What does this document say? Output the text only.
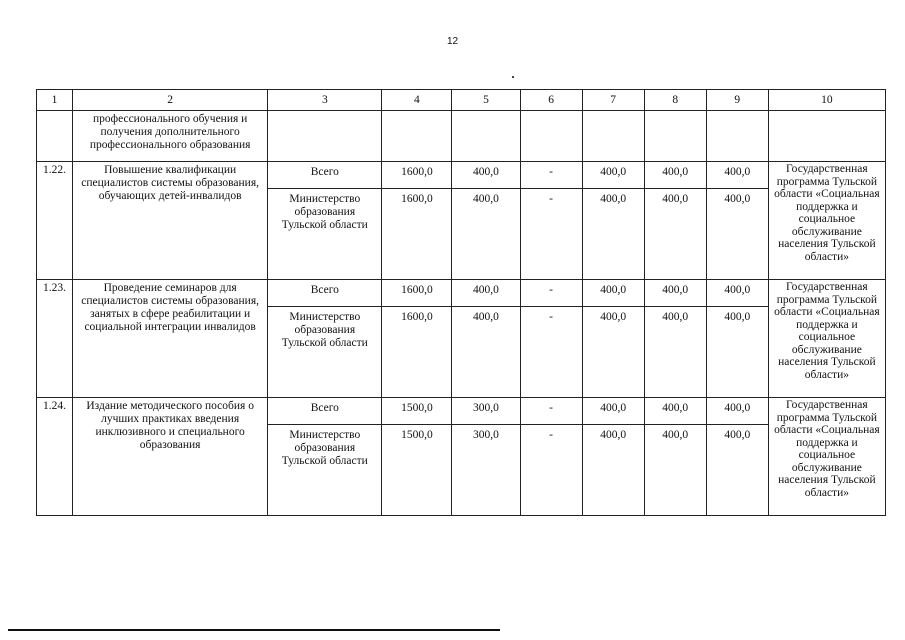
12
1	2	3	4	5	6	7	8	9	10
	профессионального обучения и получения дополнительного профессионального образования								
1.22.	Повышение квалификации специалистов системы образования, обучающих детей-инвалидов	Всего	1600,0	400,0	-	400,0	400,0	400,0	Государственная программа Тульской области «Социальная поддержка и социальное обслуживание населения Тульской области»
		Министерство образования Тульской области	1600,0	400,0	-	400,0	400,0	400,0	
1.23.	Проведение семинаров для специалистов системы образования, занятых в сфере реабилитации и социальной интеграции инвалидов	Всего	1600,0	400,0	-	400,0	400,0	400,0	Государственная программа Тульской области «Социальная поддержка и социальное обслуживание населения Тульской области»
		Министерство образования Тульской области	1600,0	400,0	-	400,0	400,0	400,0	
1.24.	Издание методического пособия о лучших практиках введения инклюзивного и специального образования	Всего	1500,0	300,0	-	400,0	400,0	400,0	Государственная программа Тульской области «Социальная поддержка и социальное обслуживание населения Тульской области»
		Министерство образования Тульской области	1500,0	300,0	-	400,0	400,0	400,0	
